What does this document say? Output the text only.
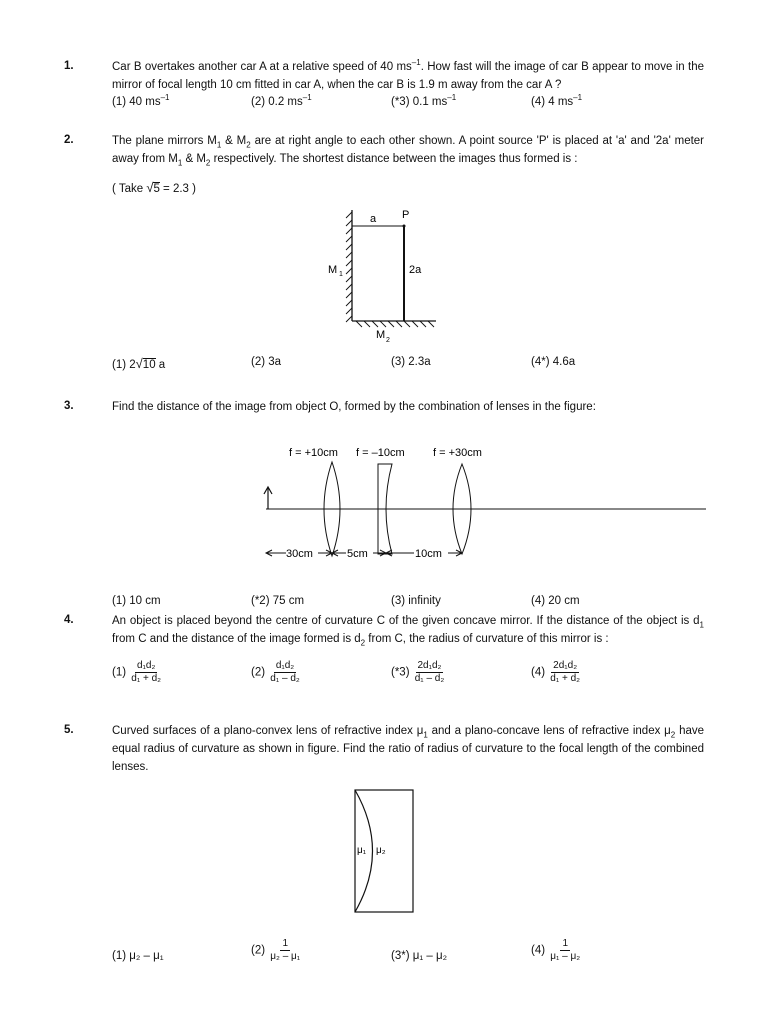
1.	Car B overtakes another car A at a relative speed of 40 $ms^{-1}$. How fast will the image of car B appear to move in the mirror of focal length 10 cm fitted in car A, when the car B is 1.9 m away from the car A ?
(1) 40 $ms^{-1}$	(2) 0.2 $ms^{-1}$	(*3) 0.1 $ms^{-1}$	(4) 4 $ms^{-1}$
2.	The plane mirrors $M_1$ & $M_2$ are at right angle to each other shown. A point source 'P' is placed at 'a' and '2a' meter away from $M_1$ & $M_2$ respectively. The shortest distance between the images thus formed is :
( Take √5 = 2.3 )
a P
2a
M 1
M 2
(1) 2√10 a	(2) 3a	(3) 2.3a	(4*) 4.6a
3.	Find the distance of the image from object O, formed by the combination of lenses in the figure:
f = +10cm f = –10cm	f = +30cm
30cm	5cm	10cm
(1) 10 cm	(*2) 75 cm	(3) infinity	(4) 20 cm
4.	An object is placed beyond the centre of curvature C of the given concave mirror. If the distance of the object is $d_1$ from C and the distance of the image formed is $d_2$ from C, the radius of curvature of this mirror is :
$(1) \frac{\text{d₁d₂}}{\text{d₁ + d₂}}$	$(2) \frac{\text{d₁d₂}}{\text{d₁ – d₂}}$	$(*3) \frac{\text{2d₁d₂}}{\text{d₁ – d₂}}$	$(4) \frac{\text{2d₁d₂}}{\text{d₁ + d₂}}$
5.	Curved surfaces of a plano-convex lens of refractive index $\mu_1$ and a plano-concave lens of refractive index $\mu_2$ have equal radius of curvature as shown in figure. Find the ratio of radius of curvature to the focal length of the combined lenses.
μ₁ μ₂
(1) μ₂ – μ₁	$(2) \frac{1}{\text{μ₂ – μ₁}}$	(3*) μ₁ – μ₂	$(4) \frac{1}{\text{μ₁ – μ₂}}$
